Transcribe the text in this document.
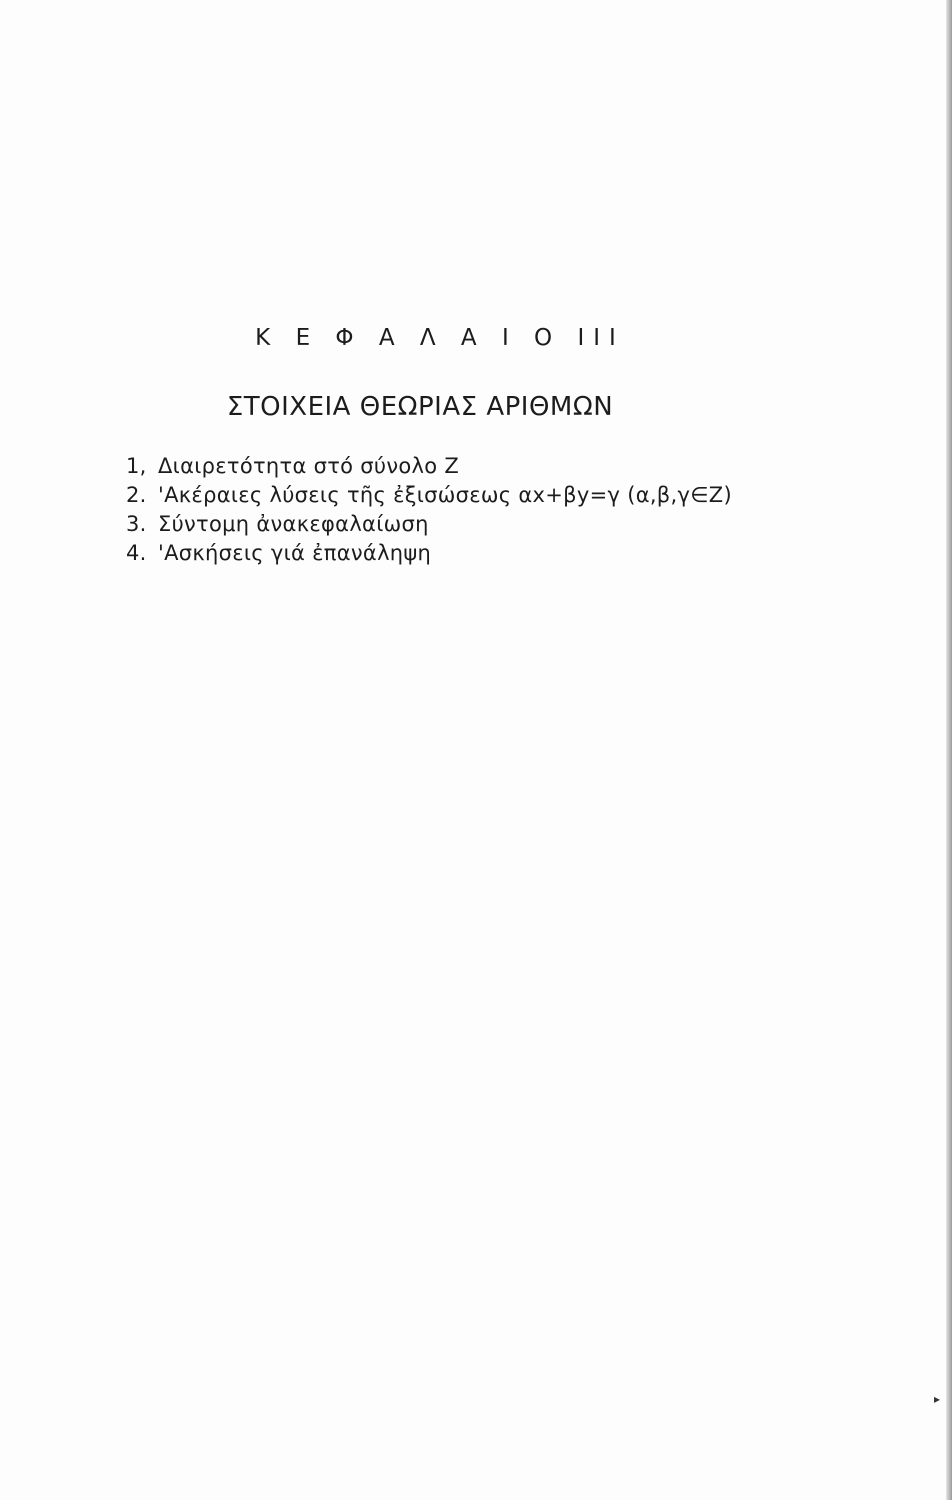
Κ Ε Φ Α Λ Α Ι Ο III
ΣΤΟΙΧΕΙΑ ΘΕΩΡΙΑΣ ΑΡΙΘΜΩΝ
1, Διαιρετότητα στό σύνολο Ζ
2. 'Ακέραιες λύσεις τῆς ἐξισώσεως αx+βy=γ (α,β,γ∈Ζ)
3. Σύντομη ἀνακεφαλαίωση
4. 'Ασκήσεις γιά ἐπανάληψη
▸
